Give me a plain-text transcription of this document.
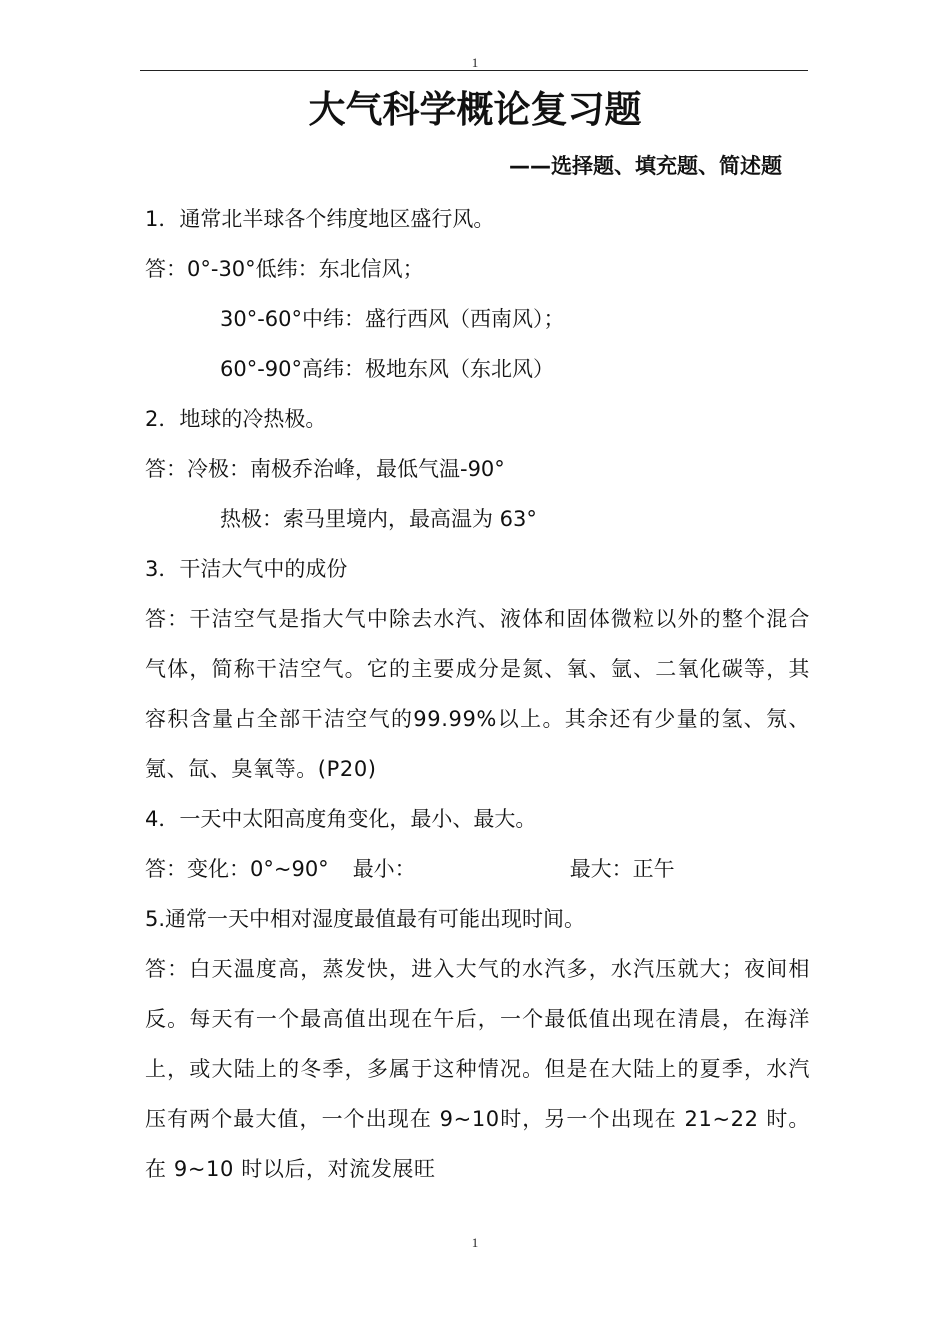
1
大气科学概论复习题
——选择题、填充题、简述题
1．通常北半球各个纬度地区盛行风。
答：0°-30°低纬：东北信风；
30°-60°中纬：盛行西风（西南风）；
60°-90°高纬：极地东风（东北风）
2．地球的冷热极。
答：冷极：南极乔治峰，最低气温-90°
热极：索马里境内，最高温为 63°
3．干洁大气中的成份
答：干洁空气是指大气中除去水汽、液体和固体微粒以外的整个混合气体，简称干洁空气。它的主要成分是氮、氧、氩、二氧化碳等，其容积含量占全部干洁空气的99.99%以上。其余还有少量的氢、氖、氪、氙、臭氧等。(P20)
4．一天中太阳高度角变化，最小、最大。
答：变化：0°~90° 最小：	最大：正午
5.通常一天中相对湿度最值最有可能出现时间。
答：白天温度高，蒸发快，进入大气的水汽多，水汽压就大；夜间相反。每天有一个最高值出现在午后，一个最低值出现在清晨，在海洋上，或大陆上的冬季，多属于这种情况。但是在大陆上的夏季，水汽压有两个最大值，一个出现在 9~10时，另一个出现在 21~22 时。在 9~10 时以后，对流发展旺
1
